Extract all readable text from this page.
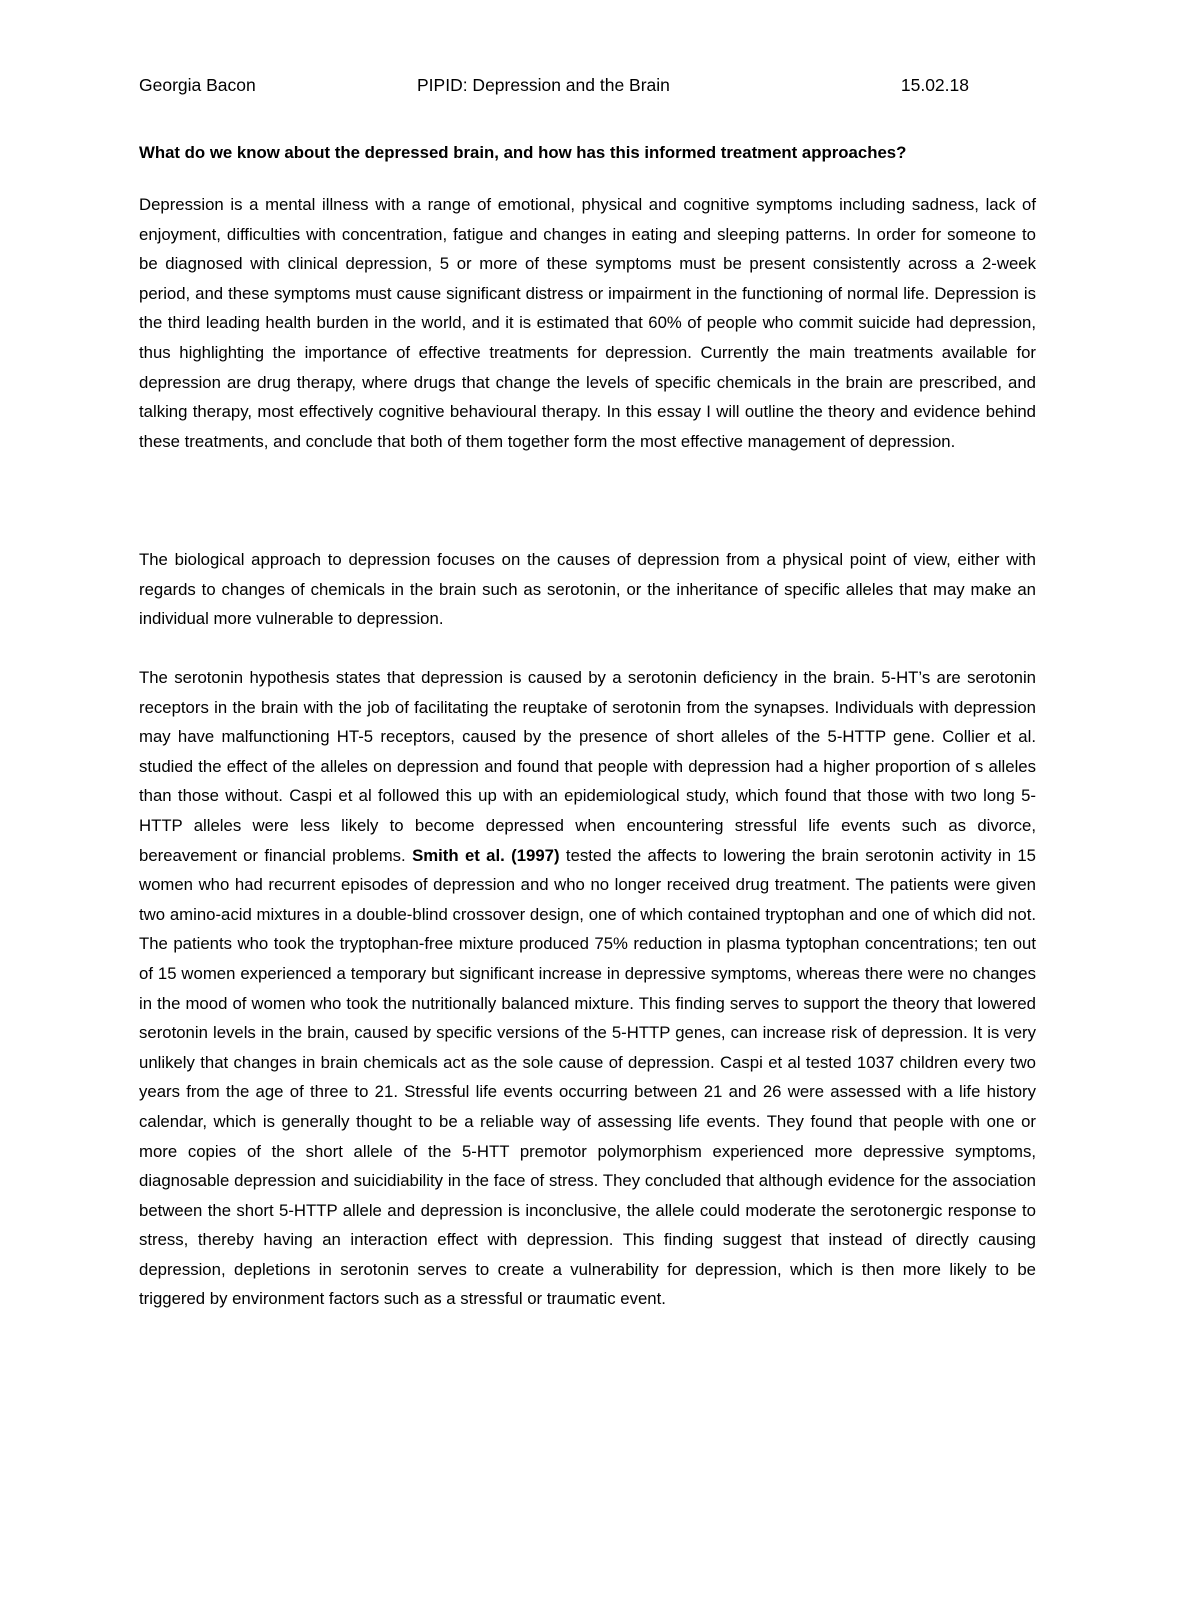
Georgia Bacon	PIPID: Depression and the Brain	15.02.18
What do we know about the depressed brain, and how has this informed treatment approaches?

Depression is a mental illness with a range of emotional, physical and cognitive symptoms including sadness, lack of enjoyment, difficulties with concentration, fatigue and changes in eating and sleeping patterns. In order for someone to be diagnosed with clinical depression, 5 or more of these symptoms must be present consistently across a 2-week period, and these symptoms must cause significant distress or impairment in the functioning of normal life. Depression is the third leading health burden in the world, and it is estimated that 60% of people who commit suicide had depression, thus highlighting the importance of effective treatments for depression. Currently the main treatments available for depression are drug therapy, where drugs that change the levels of specific chemicals in the brain are prescribed, and talking therapy, most effectively cognitive behavioural therapy. In this essay I will outline the theory and evidence behind these treatments, and conclude that both of them together form the most effective management of depression.

The biological approach to depression focuses on the causes of depression from a physical point of view, either with regards to changes of chemicals in the brain such as serotonin, or the inheritance of specific alleles that may make an individual more vulnerable to depression.

The serotonin hypothesis states that depression is caused by a serotonin deficiency in the brain. 5-HT’s are serotonin receptors in the brain with the job of facilitating the reuptake of serotonin from the synapses. Individuals with depression may have malfunctioning HT-5 receptors, caused by the presence of short alleles of the 5-HTTP gene. Collier et al. studied the effect of the alleles on depression and found that people with depression had a higher proportion of s alleles than those without. Caspi et al followed this up with an epidemiological study, which found that those with two long 5-HTTP alleles were less likely to become depressed when encountering stressful life events such as divorce, bereavement or financial problems. Smith et al. (1997) tested the affects to lowering the brain serotonin activity in 15 women who had recurrent episodes of depression and who no longer received drug treatment. The patients were given two amino-acid mixtures in a double-blind crossover design, one of which contained tryptophan and one of which did not. The patients who took the tryptophan-free mixture produced 75% reduction in plasma typtophan concentrations; ten out of 15 women experienced a temporary but significant increase in depressive symptoms, whereas there were no changes in the mood of women who took the nutritionally balanced mixture. This finding serves to support the theory that lowered serotonin levels in the brain, caused by specific versions of the 5-HTTP genes, can increase risk of depression. It is very unlikely that changes in brain chemicals act as the sole cause of depression. Caspi et al tested 1037 children every two years from the age of three to 21. Stressful life events occurring between 21 and 26 were assessed with a life history calendar, which is generally thought to be a reliable way of assessing life events. They found that people with one or more copies of the short allele of the 5-HTT premotor polymorphism experienced more depressive symptoms, diagnosable depression and suicidiability in the face of stress. They concluded that although evidence for the association between the short 5-HTTP allele and depression is inconclusive, the allele could moderate the serotonergic response to stress, thereby having an interaction effect with depression. This finding suggest that instead of directly causing depression, depletions in serotonin serves to create a vulnerability for depression, which is then more likely to be triggered by environment factors such as a stressful or traumatic event.
